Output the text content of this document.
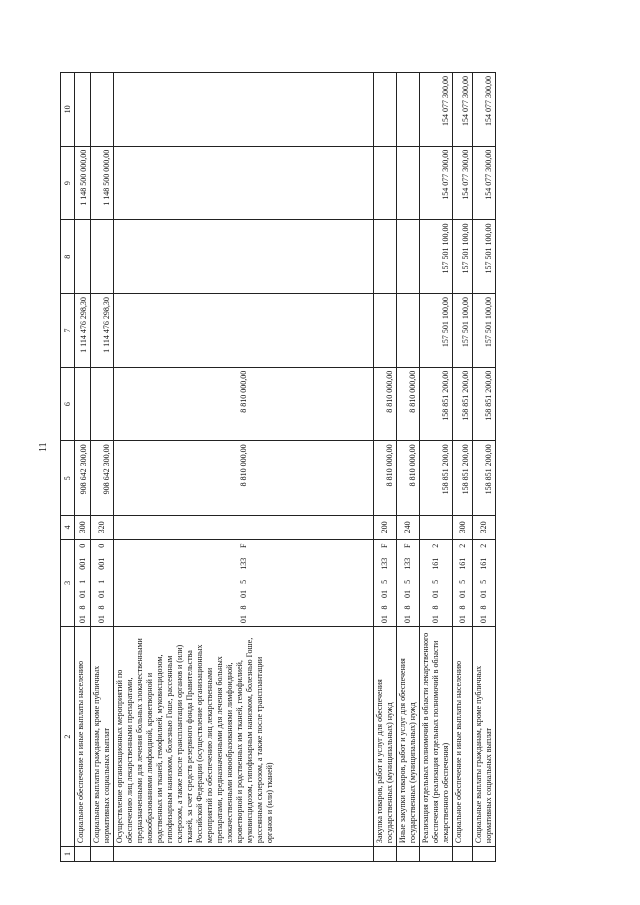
11
1	2	3						4	5	6	7	8	9	10

	Социальное обеспечение и иные выплаты населению	01	8	01	1	001	0	300	908 642 300,00		1 114 476 298,30		1 148 500 000,00	

	Социальные выплаты гражданам, кроме публичных нормативных социальных выплат	01	8	01	1	001	0	320	908 642 300,00		1 114 476 298,30		1 148 500 000,00	

	Осуществление организационных мероприятий по обеспечению лиц лекарственными препаратами, предназначенными для лечения больных злокачественными новообразованиями лимфоидной, кроветворной и родственных им тканей, гемофилией, муковисцидозом, гипофизарным нанизмом, болезнью Гоше, рассеянным склерозом, а также после трансплантации органов и (или) тканей, за счет средств резервного фонда Правительства Российской Федерации (осуществление организационных мероприятий по обеспечению лиц лекарственными препаратами, предназначенными для лечения больных злокачественными новообразованиями лимфоидной, кроветворной и родственных им тканей, гемофилией, муковисцидозом, гипофизарным нанизмом, болезнью Гоше, рассеянным склерозом, а также после трансплантации органов и (или) тканей)	01	8	01	5	133	F		8 810 000,00	8 810 000,00				

	Закупка товаров, работ и услуг для обеспечения государственных (муниципальных) нужд	01	8	01	5	133	F	200	8 810 000,00	8 810 000,00				

	Иные закупки товаров, работ и услуг для обеспечения государственных (муниципальных) нужд	01	8	01	5	133	F	240	8 810 000,00	8 810 000,00				

	Реализация отдельных полномочий в области лекарственного обеспечения (реализация отдельных полномочий в области лекарственного обеспечения)	01	8	01	5	161	2		158 851 200,00	158 851 200,00	157 501 100,00	157 501 100,00	154 077 300,00	154 077 300,00

	Социальное обеспечение и иные выплаты населению	01	8	01	5	161	2	300	158 851 200,00	158 851 200,00	157 501 100,00	157 501 100,00	154 077 300,00	154 077 300,00

	Социальные выплаты гражданам, кроме публичных нормативных социальных выплат	01	8	01	5	161	2	320	158 851 200,00	158 851 200,00	157 501 100,00	157 501 100,00	154 077 300,00	154 077 300,00
